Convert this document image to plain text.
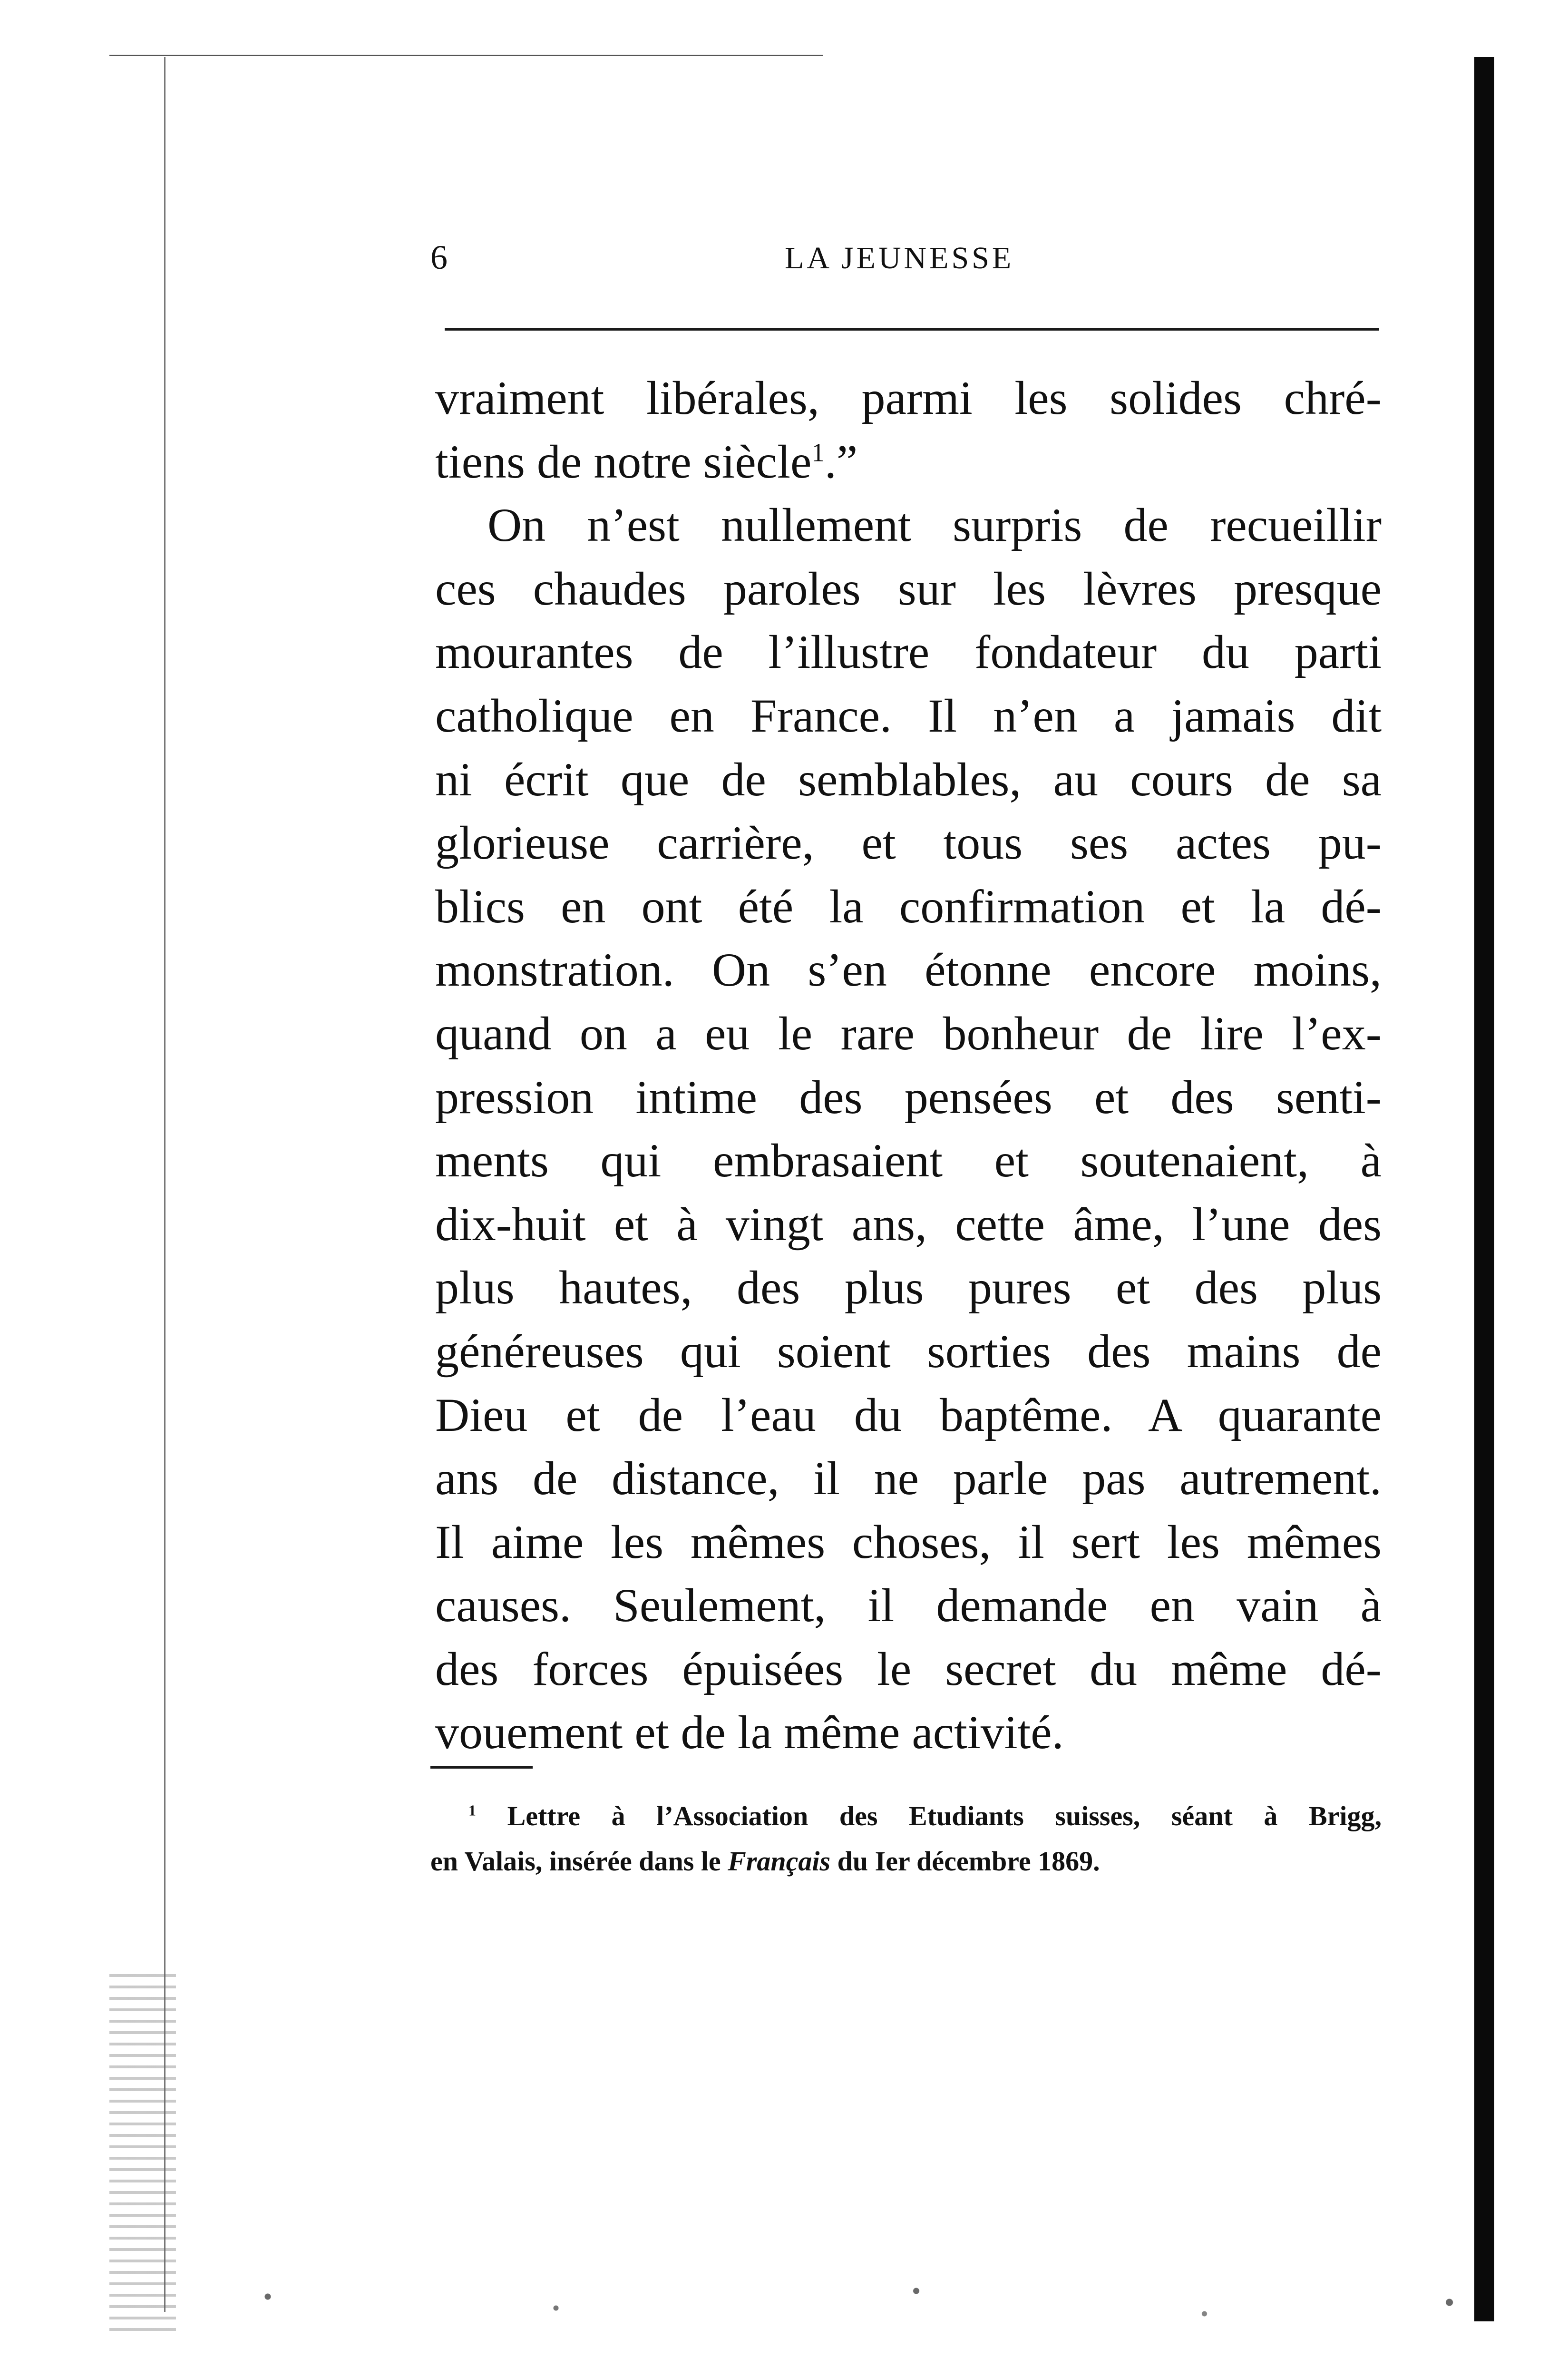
6	LA JEUNESSE
vraiment libérales, parmi les solides chré-
tiens de notre siècle$^1$.”
On n’est nullement surpris de recueillir
ces chaudes paroles sur les lèvres presque
mourantes de l’illustre fondateur du parti
catholique en France. Il n’en a jamais dit
ni écrit que de semblables, au cours de sa
glorieuse carrière, et tous ses actes pu-
blics en ont été la confirmation et la dé-
monstration. On s’en étonne encore moins,
quand on a eu le rare bonheur de lire l’ex-
pression intime des pensées et des senti-
ments qui embrasaient et soutenaient, à
dix-huit et à vingt ans, cette âme, l’une des
plus hautes, des plus pures et des plus
généreuses qui soient sorties des mains de
Dieu et de l’eau du baptême. A quarante
ans de distance, il ne parle pas autrement.
Il aime les mêmes choses, il sert les mêmes
causes. Seulement, il demande en vain à
des forces épuisées le secret du même dé-
vouement et de la même activité.
$^1$ Lettre à l’Association des Etudiants suisses, séant à Brigg,
en Valais, insérée dans le Français du Ier décembre 1869.
